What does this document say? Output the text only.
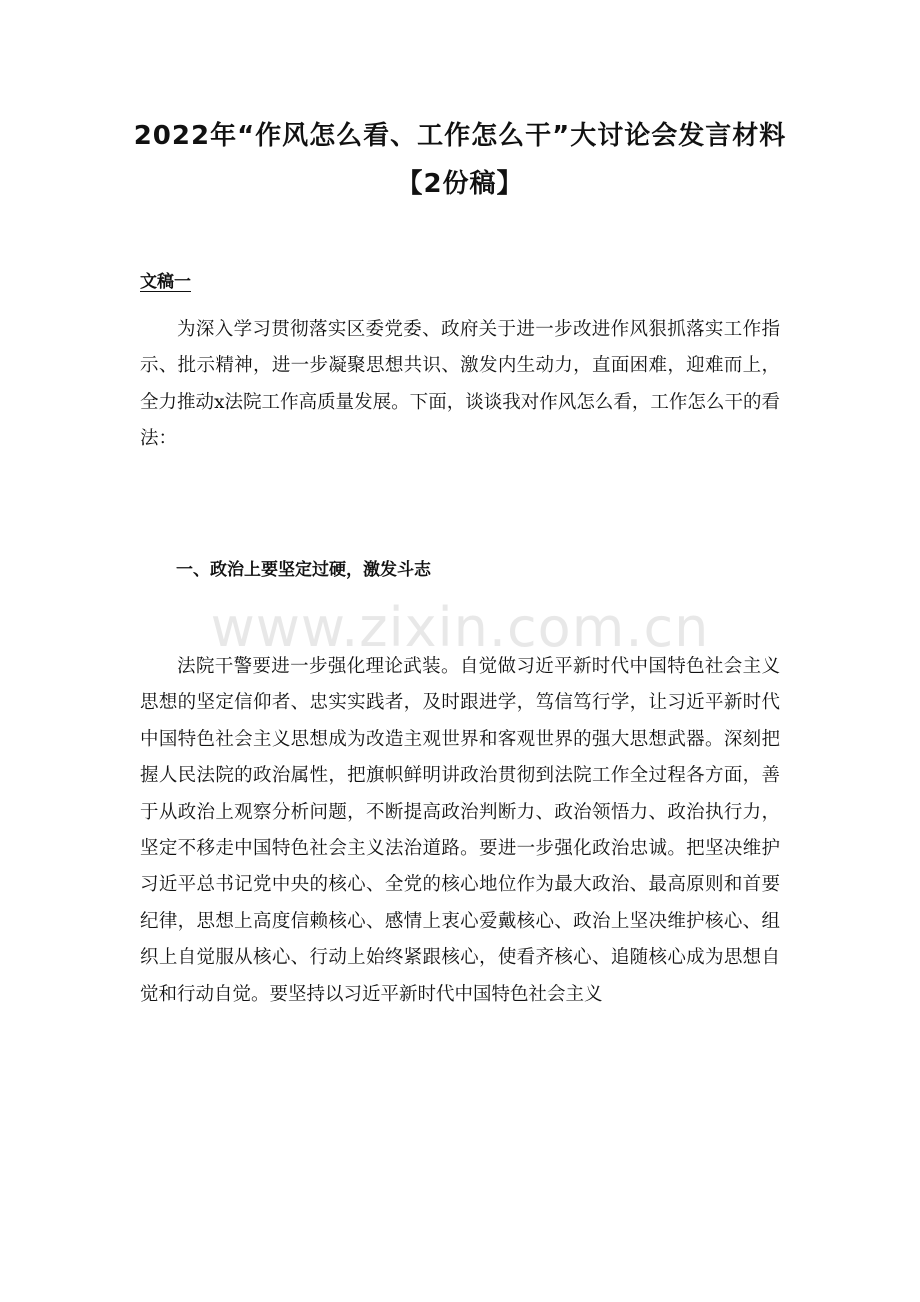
2022年“作风怎么看、工作怎么干”大讨论会发言材料【2份稿】
文稿一

为深入学习贯彻落实区委党委、政府关于进一步改进作风狠抓落实工作指示、批示精神，进一步凝聚思想共识、激发内生动力，直面困难，迎难而上，全力推动x法院工作高质量发展。下面，谈谈我对作风怎么看，工作怎么干的看法：

一、政治上要坚定过硬，激发斗志
www.zixin.com.cn

法院干警要进一步强化理论武装。自觉做习近平新时代中国特色社会主义思想的坚定信仰者、忠实实践者，及时跟进学，笃信笃行学，让习近平新时代中国特色社会主义思想成为改造主观世界和客观世界的强大思想武器。深刻把握人民法院的政治属性，把旗帜鲜明讲政治贯彻到法院工作全过程各方面，善于从政治上观察分析问题，不断提高政治判断力、政治领悟力、政治执行力，坚定不移走中国特色社会主义法治道路。要进一步强化政治忠诚。把坚决维护习近平总书记党中央的核心、全党的核心地位作为最大政治、最高原则和首要纪律，思想上高度信赖核心、感情上衷心爱戴核心、政治上坚决维护核心、组织上自觉服从核心、行动上始终紧跟核心，使看齐核心、追随核心成为思想自觉和行动自觉。要坚持以习近平新时代中国特色社会主义
